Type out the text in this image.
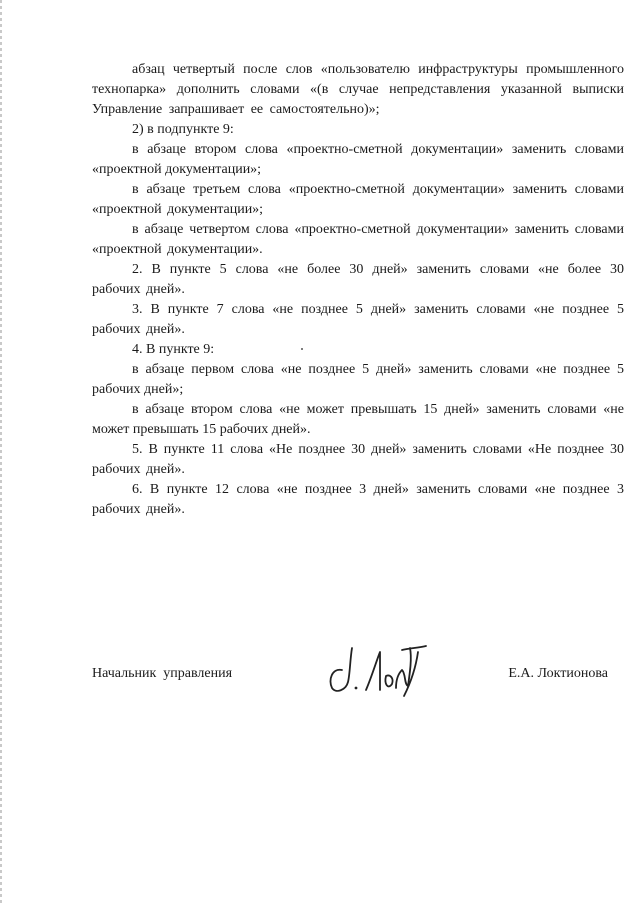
абзац четвертый после слов «пользователю инфраструктуры промышленного технопарка» дополнить словами «(в случае непредставления указанной выписки Управление запрашивает ее самостоятельно)»;

2) в подпункте 9:

в абзаце втором слова «проектно-сметной документации» заменить словами «проектной документации»;

в абзаце третьем слова «проектно-сметной документации» заменить словами «проектной документации»;

в абзаце четвертом слова «проектно-сметной документации» заменить словами «проектной документации».

2. В пункте 5 слова «не более 30 дней» заменить словами «не более 30 рабочих дней».

3. В пункте 7 слова «не позднее 5 дней» заменить словами «не позднее 5 рабочих дней».

4. В пункте 9:

в абзаце первом слова «не позднее 5 дней» заменить словами «не позднее 5 рабочих дней»;

в абзаце втором слова «не может превышать 15 дней» заменить словами «не может превышать 15 рабочих дней».

5. В пункте 11 слова «Не позднее 30 дней» заменить словами «Не позднее 30 рабочих дней».

6. В пункте 12 слова «не позднее 3 дней» заменить словами «не позднее 3 рабочих дней».

Начальник  управления	Е.А. Локтионова
